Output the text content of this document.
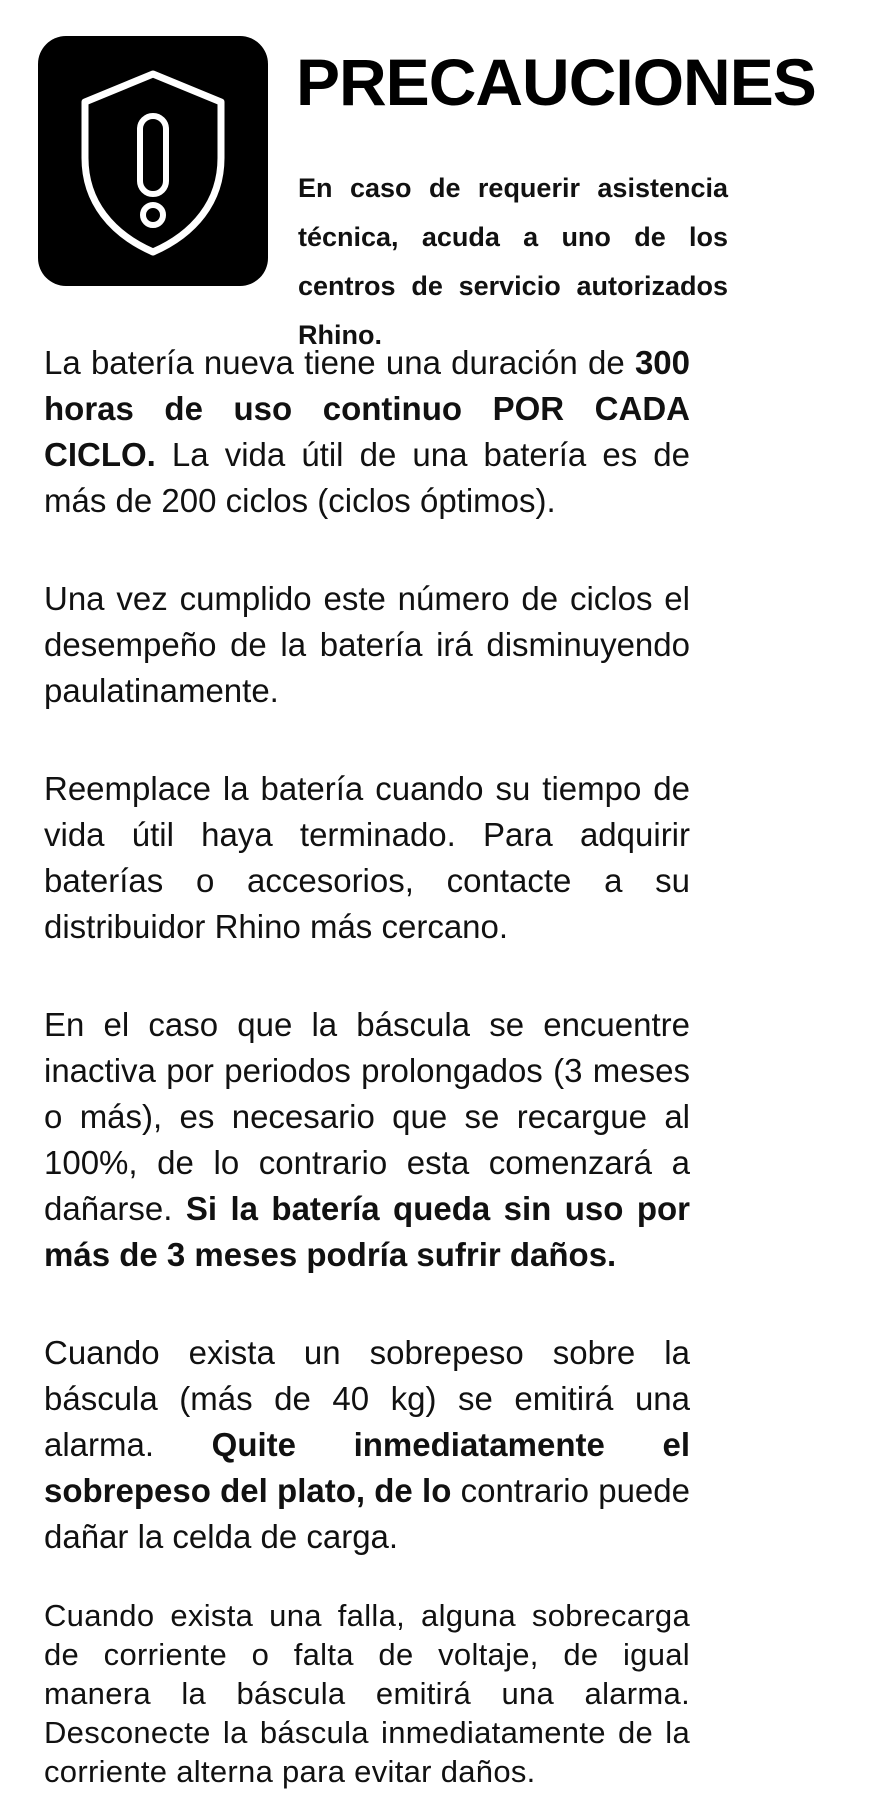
PRECAUCIONES
En caso de requerir asistencia técnica, acuda a uno de los centros de servicio autorizados Rhino.

La batería nueva tiene una duración de 300 horas de uso continuo POR CADA CICLO. La vida útil de una batería es de más de 200 ciclos (ciclos óptimos).

Una vez cumplido este número de ciclos el desempeño de la batería irá disminuyendo paulatinamente.

Reemplace la batería cuando su tiempo de vida útil haya terminado. Para adquirir baterías o accesorios, contacte a su distribuidor Rhino más cercano.

En el caso que la báscula se encuentre inactiva por periodos prolongados (3 meses o más), es necesario que se recargue al 100%, de lo contrario esta comenzará a dañarse. Si la batería queda sin uso por más de 3 meses podría sufrir daños.

Cuando exista un sobrepeso sobre la báscula (más de 40 kg) se emitirá una alarma. Quite inmediatamente el sobrepeso del plato, de lo contrario puede dañar la celda de carga.

Cuando exista una falla, alguna sobrecarga de corriente o falta de voltaje, de igual manera la báscula emitirá una alarma. Desconecte la báscula inmediatamente de la corriente alterna para evitar daños.
